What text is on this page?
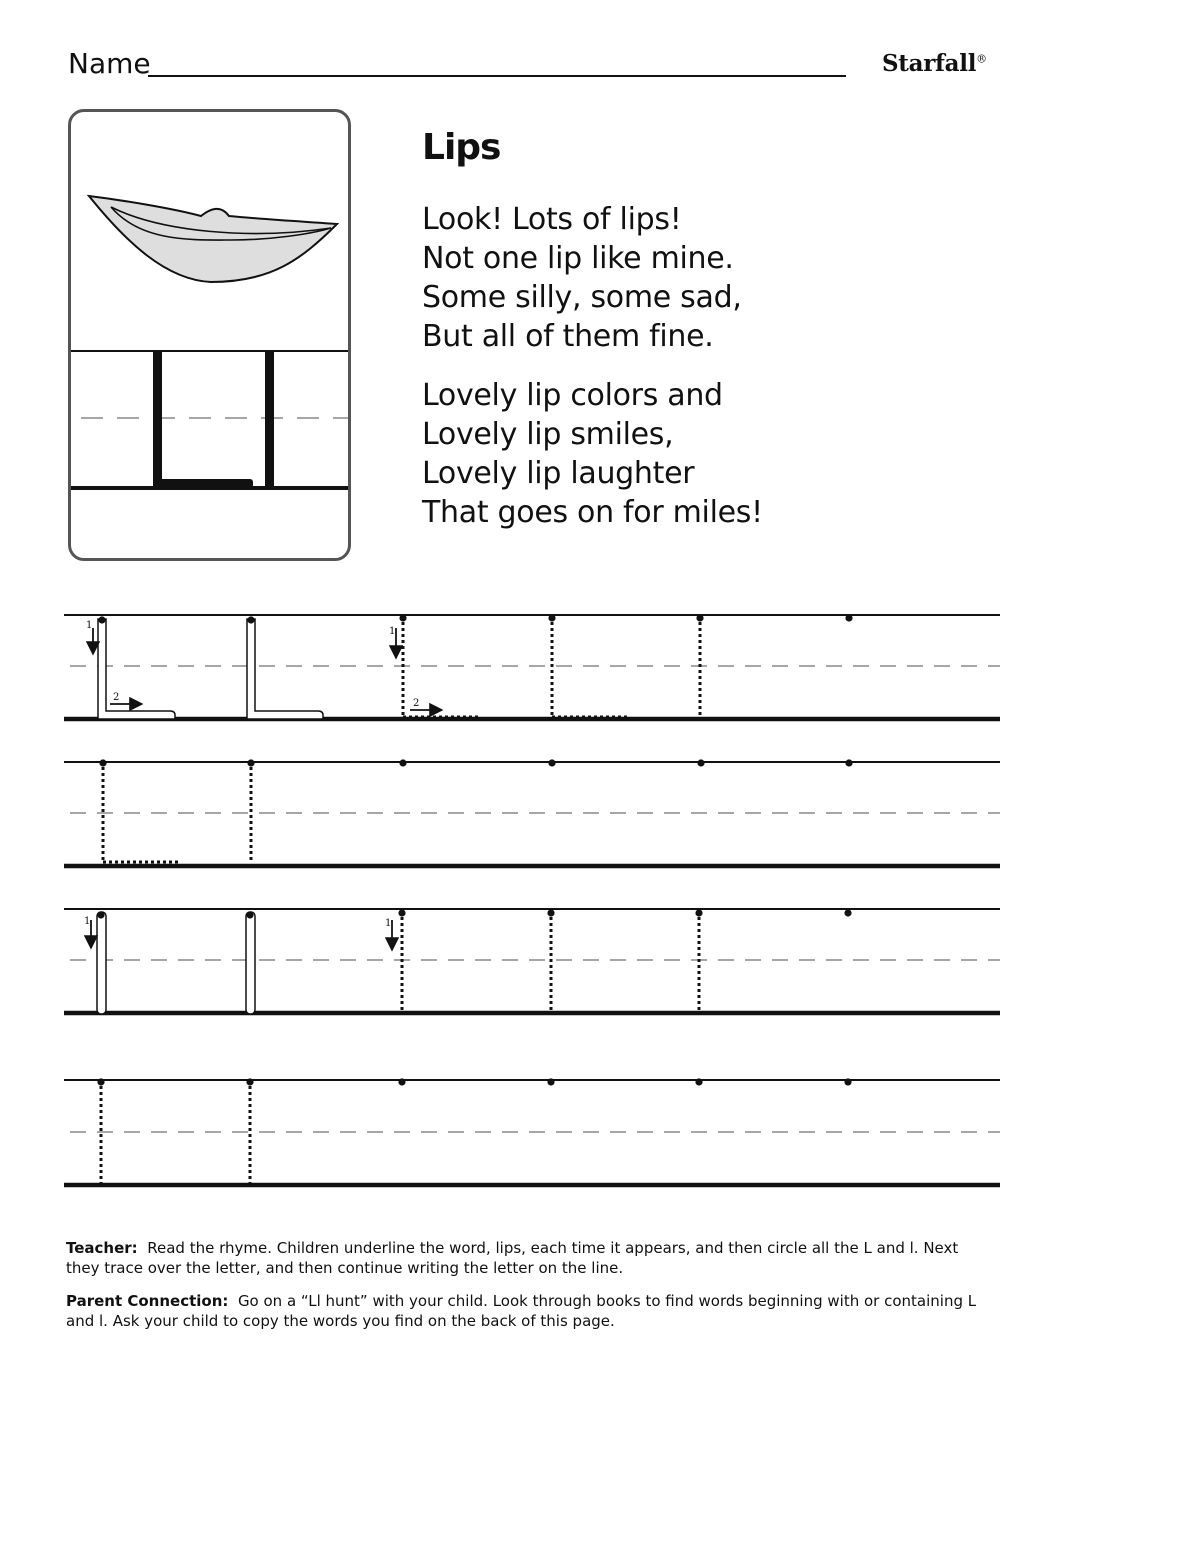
Name	Starfall®
Lips
Look! Lots of lips!
Not one lip like mine.
Some silly, some sad,
But all of them fine.
Lovely lip colors and
Lovely lip smiles,
Lovely lip laughter
That goes on for miles!
1
2
1
2
1	1
Teacher: Read the rhyme. Children underline the word, lips, each time it appears, and then circle all the L and l. Next they trace over the letter, and then continue writing the letter on the line.
Parent Connection: Go on a “Ll hunt” with your child. Look through books to find words beginning with or containing L and l. Ask your child to copy the words you find on the back of this page.
